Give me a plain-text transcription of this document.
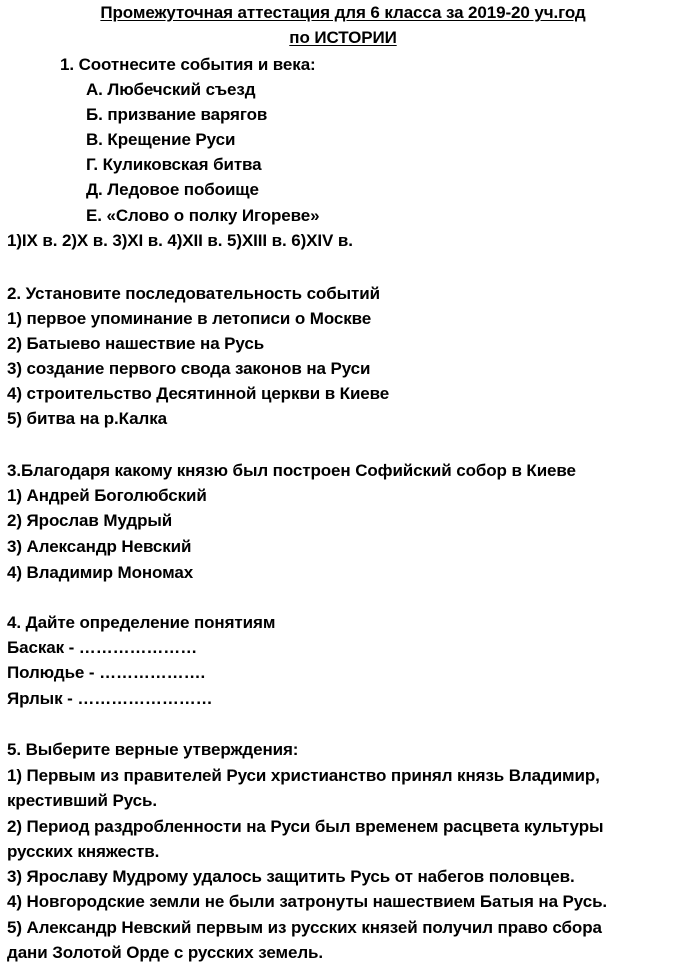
Промежуточная аттестация для 6 класса за 2019-20 уч.год
по ИСТОРИИ
1. Соотнесите события и века:
А. Любечский съезд
Б. призвание варягов
В. Крещение Руси
Г. Куликовская битва
Д. Ледовое побоище
Е. «Слово о полку Игореве»
1)IX в. 2)X в. 3)XI в. 4)XII в. 5)XIII в. 6)XIV в.
2. Установите последовательность событий
1) первое упоминание в летописи о Москве
2) Батыево нашествие на Русь
3) создание первого свода законов на Руси
4) строительство Десятинной церкви в Киеве
5) битва на р.Калка
3.Благодаря какому князю был построен Софийский собор в Киеве
1) Андрей Боголюбский
2) Ярослав Мудрый
3) Александр Невский
4) Владимир Мономах
4. Дайте определение понятиям
Баскак - …………………
Полюдье - ……………….
Ярлык - ……………………
5. Выберите верные утверждения:
1) Первым из правителей Руси христианство принял князь Владимир,
крестивший Русь.
2) Период раздробленности на Руси был временем расцвета культуры
русских княжеств.
3) Ярославу Мудрому удалось защитить Русь от набегов половцев.
4) Новгородские земли не были затронуты нашествием Батыя на Русь.
5) Александр Невский первым из русских князей получил право сбора
дани Золотой Орде с русских земель.
